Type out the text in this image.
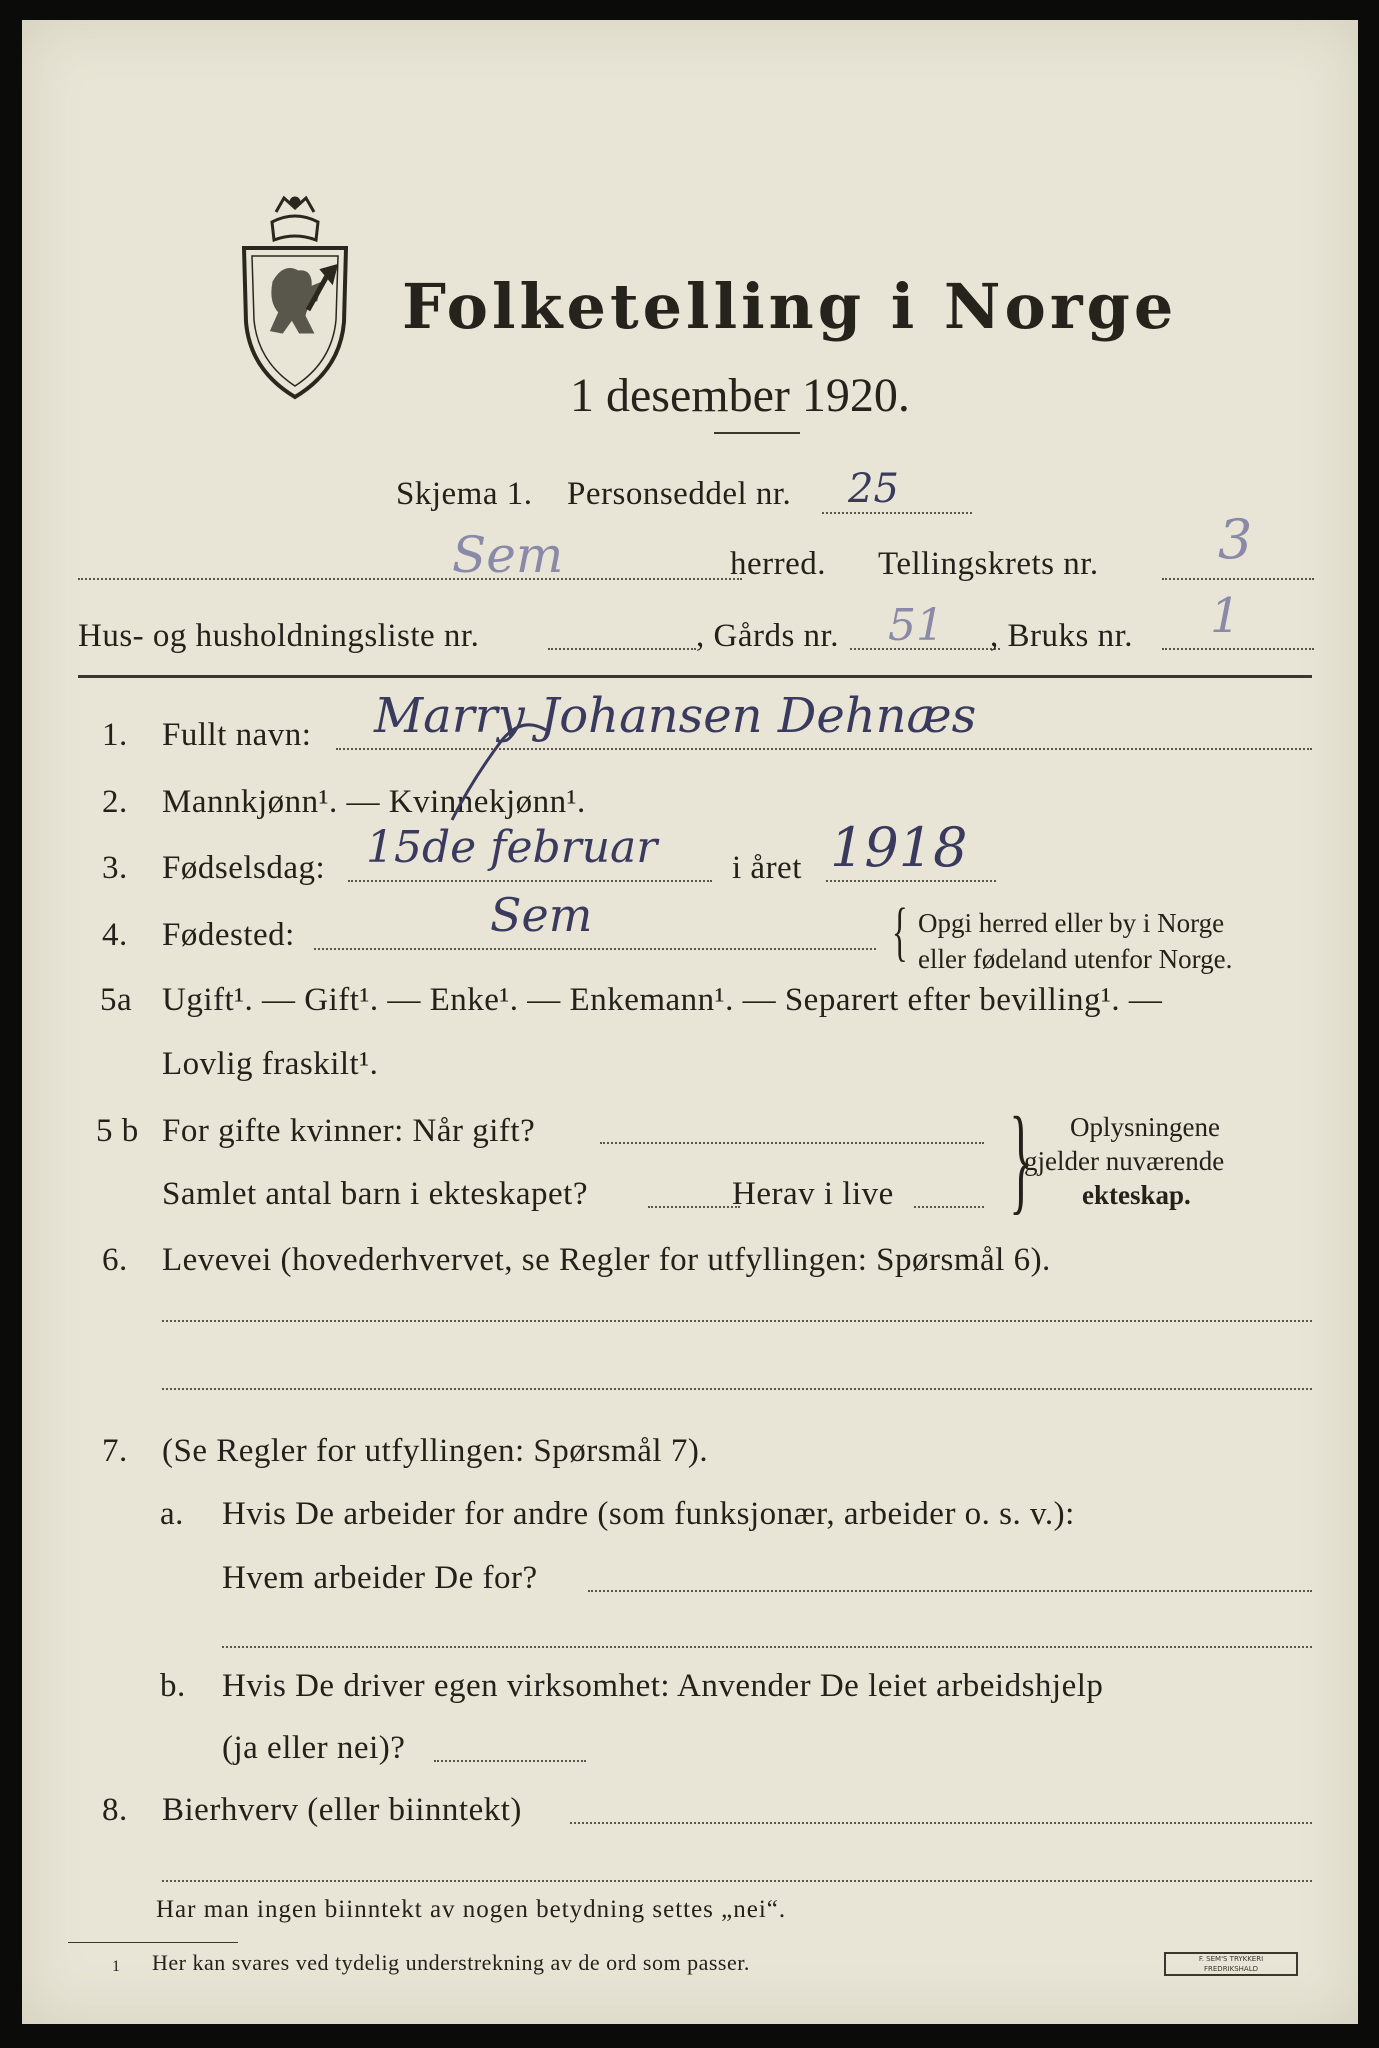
Folketelling i Norge
1 desember 1920.
Skjema 1. Personseddel nr. 25
Sem	herred. Tellingskrets nr. 3
Hus- og husholdningsliste nr.	, Gårds nr. 51 , Bruks nr. 1
1. Fullt navn: Marry Johansen Dehnæs
2. Mannkjønn¹. — Kvinnekjønn¹.
3. Fødselsdag: 15de februar i året 1918
4. Fødested:	Sem	{ Opgi herred eller by i Norge
eller fødeland utenfor Norge.
5a Ugift¹. — Gift¹. — Enke¹. — Enkemann¹. — Separert efter bevilling¹. —
Lovlig fraskilt¹.
5 b For gifte kvinner: Når gift?
Samlet antal barn i ekteskapet?	Herav i live } Oplysningene
gjelder nuværende
ekteskap.
6. Levevei (hovederhvervet, se Regler for utfyllingen: Spørsmål 6).
7. (Se Regler for utfyllingen: Spørsmål 7).
a. Hvis De arbeider for andre (som funksjonær, arbeider o. s. v.):
Hvem arbeider De for?
b. Hvis De driver egen virksomhet: Anvender De leiet arbeidshjelp
(ja eller nei)?
8. Bierhverv (eller biinntekt)
Har man ingen biinntekt av nogen betydning settes „nei“.
1 Her kan svares ved tydelig understrekning av de ord som passer.	F. SEM'S TRYKKERI
FREDRIKSHALD
